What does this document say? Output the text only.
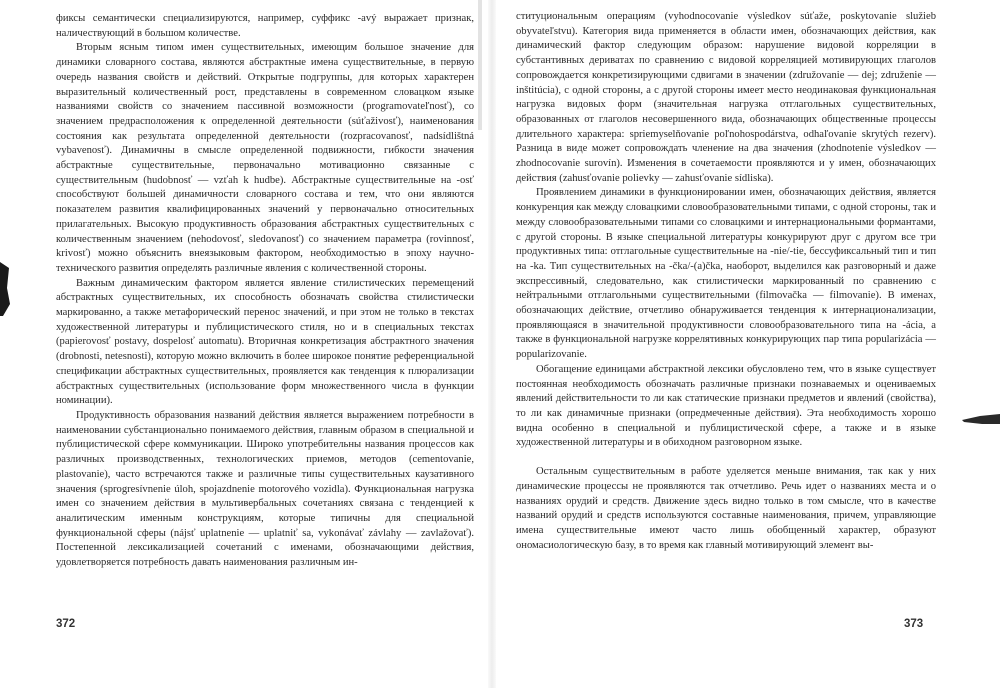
фиксы семантически специализируются, например, суффикс -avý выражает признак, наличествующий в большом количестве.

Вторым ясным типом имен существительных, имеющим большое значение для динамики словарного состава, являются абстрактные имена существительные, в первую очередь названия свойств и действий. Открытые подгруппы, для которых характерен выразительный количественный рост, представлены в современном словацком языке названиями свойств со значением пассивной возможности (programovateľnosť), со значением предрасположения к определенной деятельности (súťaživosť), наименования состояния как результата определенной деятельности (rozpracovanosť, nadsídlištná vybavenosť). Динамичны в смысле определенной подвижности, гибкости значения абстрактные существительные, первоначально мотивационно связанные с существительным (hudobnosť — vzťah k hudbe). Абстрактные существительные на -osť способствуют большей динамичности словарного состава и тем, что они являются показателем развития квалифицированных значений у первоначально относительных прилагательных. Высокую продуктивность образования абстрактных существительных с количественным значением (nehodovosť, sledovanosť) со значением параметра (rovinnosť, krivosť) можно объяснить внеязыковым фактором, необходимостью в эпоху научно-технического развития определять различные явления с количественной стороны.

Важным динамическим фактором является явление стилистических перемещений абстрактных существительных, их способность обозначать свойства стилистически маркированно, а также метафорический перенос значений, и при этом не только в текстах художественной литературы и публицистического стиля, но и в специальных текстах (papierovosť postavy, dospelosť automatu). Вторичная конкретизация абстрактного значения (drobnosti, netesnosti), которую можно включить в более широкое понятие референциальной спецификации абстрактных существительных, проявляется как тенденция к плюрализации абстрактных существительных (использование форм множественного числа в функции номинации).

Продуктивность образования названий действия является выражением потребности в наименовании субстанционально понимаемого действия, главным образом в специальной и публицистической сфере коммуникации. Широко употребительны названия процессов как различных производственных, технологических приемов, методов (cementovanie, plastovanie), часто встречаются также и различные типы существительных каузативного значения (sprogresívnenie úloh, spojazdnenie motorového vozidla). Функциональная нагрузка имен со значением действия в мультивербальных сочетаниях связана с тенденцией к аналитическим именным конструкциям, которые типичны для специальной функциональной сферы (nájsť uplatnenie — uplatniť sa, vykonávať závlahy — zavlažovať). Постепенной лексикализацией сочетаний с именами, обозначающими действия, удовлетворяется потребность давать наименования различным ин-

372

ституциональным операциям (vyhodnocovanie výsledkov súťaže, poskytovanie služieb obyvateľstvu). Категория вида применяется в области имен, обозначающих действия, как динамический фактор следующим образом: нарушение видовой корреляции в субстантивных дериватах по сравнению с видовой корреляцией мотивирующих глаголов сопровождается конкретизирующими сдвигами в значении (združovanie — dej; združenie — inštitúcia), с одной стороны, а с другой стороны имеет место неодинаковая функциональная нагрузка видовых форм (значительная нагрузка отглагольных существительных, образованных от глаголов несовершенного вида, обозначающих общественные процессы длительного характера: spriemyselňovanie poľnohospodárstva, odhaľovanie skrytých rezerv). Разница в виде может сопровождать членение на два значения (zhodnotenie výsledkov — zhodnocovanie surovín). Изменения в сочетаемости проявляются и у имен, обозначающих действия (zahusťovanie polievky — zahusťovanie sídliska).

Проявлением динамики в функционировании имен, обозначающих действия, является конкуренция как между словацкими словообразовательными типами, с одной стороны, так и между словообразовательными типами со словацкими и интернациональными формантами, с другой стороны. В языке специальной литературы конкурируют друг с другом все три продуктивных типа: отглагольные существительные на -nie/-tie, бессуфиксальный тип и тип на -ka. Тип существительных на -čka/-(a)čka, наоборот, выделился как разговорный и даже экспрессивный, следовательно, как стилистически маркированный по сравнению с нейтральными отглагольными существительными (filmovačka — filmovanie). В именах, обозначающих действие, отчетливо обнаруживается тенденция к интернационализации, проявляющаяся в значительной продуктивности словообразовательного типа на -ácia, а также в функциональной нагрузке коррелятивных конкурирующих пар типа popularizácia — popularizovanie.

Обогащение единицами абстрактной лексики обусловлено тем, что в языке существует постоянная необходимость обозначать различные признаки познаваемых и оцениваемых явлений действительности то ли как статические признаки предметов и явлений (свойства), то ли как динамичные признаки (опредмеченные действия). Эта необходимость хорошо видна особенно в специальной и публицистической сфере, а также и в языке художественной литературы и в обиходном разговорном языке.

Остальным существительным в работе уделяется меньше внимания, так как у них динамические процессы не проявляются так отчетливо. Речь идет о названиях места и о названиях орудий и средств. Движение здесь видно только в том смысле, что в качестве названий орудий и средств используются составные наименования, причем, управляющие имена существительные имеют часто лишь обобщенный характер, образуют ономасиологическую базу, в то время как главный мотивирующий элемент вы-

373
